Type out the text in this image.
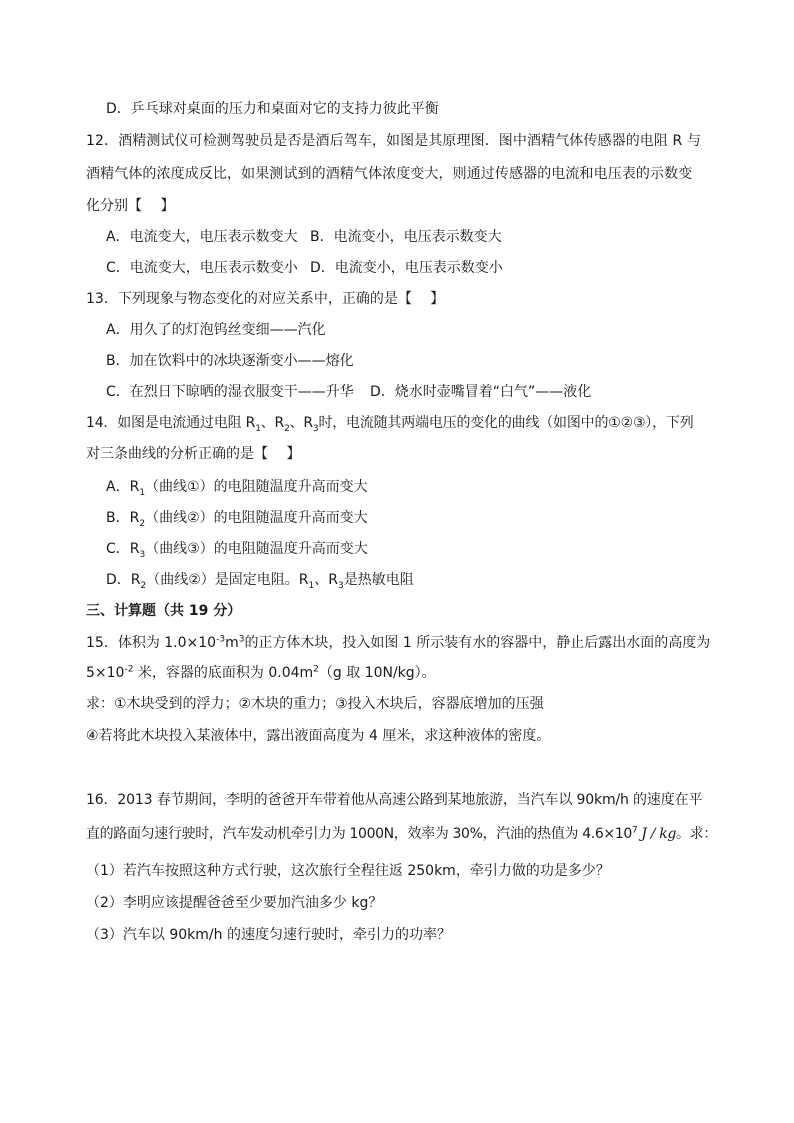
D．乒乓球对桌面的压力和桌面对它的支持力彼此平衡
12．酒精测试仪可检测驾驶员是否是酒后驾车，如图是其原理图．图中酒精气体传感器的电阻 R 与
酒精气体的浓度成反比，如果测试到的酒精气体浓度变大，则通过传感器的电流和电压表的示数变
化分别【　 】
A．电流变大，电压表示数变大 B．电流变小，电压表示数变大
C．电流变大，电压表示数变小 D．电流变小，电压表示数变小
13．下列现象与物态变化的对应关系中，正确的是【　 】
A．用久了的灯泡钨丝变细——汽化
B．加在饮料中的冰块逐渐变小——熔化
C．在烈日下晾晒的湿衣服变干——升华 D．烧水时壶嘴冒着“白气”——液化
14．如图是电流通过电阻 $R_1$、$R_2$、$R_3$时，电流随其两端电压的变化的曲线（如图中的①②③），下列
对三条曲线的分析正确的是【　 】
A．$R_1$（曲线①）的电阻随温度升高而变大
B．$R_2$（曲线②）的电阻随温度升高而变大
C．$R_3$（曲线③）的电阻随温度升高而变大
D．$R_2$（曲线②）是固定电阻。$R_1$、$R_3$是热敏电阻
三、计算题（共 19 分）
15．体积为 $1.0\times 10^{-3}m^3$的正方体木块，投入如图 1 所示装有水的容器中，静止后露出水面的高度为
$5\times 10^{-2}$ 米，容器的底面积为 $0.04m^2(g$ 取 10N/kg）。
求：①木块受到的浮力；②木块的重力；③投入木块后，容器底增加的压强
④若将此木块投入某液体中，露出液面高度为 4 厘米，求这种液体的密度。
16．2013 春节期间，李明的爸爸开车带着他从高速公路到某地旅游，当汽车以 90km/h 的速度在平
直的路面匀速行驶时，汽车发动机牵引力为 1000N，效率为 30%，汽油的热值为 $4.6\times 10^7$ J / kg。求：
（1）若汽车按照这种方式行驶，这次旅行全程往返 250km，牵引力做的功是多少？
（2）李明应该提醒爸爸至少要加汽油多少 kg？
（3）汽车以 90km/h 的速度匀速行驶时，牵引力的功率？
